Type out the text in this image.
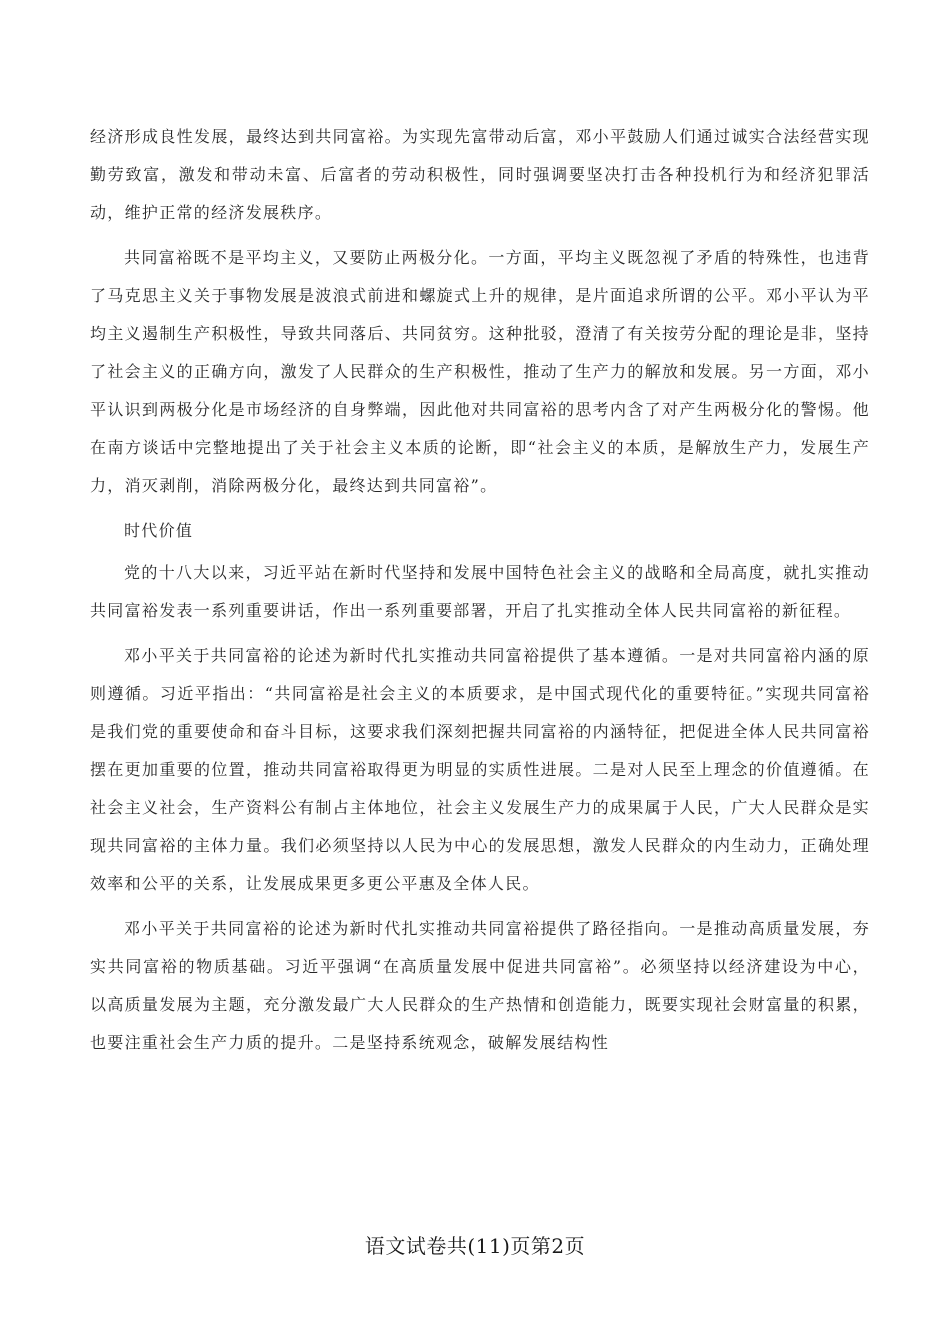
经济形成良性发展，最终达到共同富裕。为实现先富带动后富，邓小平鼓励人们通过诚实合法经营实现勤劳致富，激发和带动未富、后富者的劳动积极性，同时强调要坚决打击各种投机行为和经济犯罪活动，维护正常的经济发展秩序。

共同富裕既不是平均主义，又要防止两极分化。一方面，平均主义既忽视了矛盾的特殊性，也违背了马克思主义关于事物发展是波浪式前进和螺旋式上升的规律，是片面追求所谓的公平。邓小平认为平均主义遏制生产积极性，导致共同落后、共同贫穷。这种批驳，澄清了有关按劳分配的理论是非，坚持了社会主义的正确方向，激发了人民群众的生产积极性，推动了生产力的解放和发展。另一方面，邓小平认识到两极分化是市场经济的自身弊端，因此他对共同富裕的思考内含了对产生两极分化的警惕。他在南方谈话中完整地提出了关于社会主义本质的论断，即“社会主义的本质，是解放生产力，发展生产力，消灭剥削，消除两极分化，最终达到共同富裕”。

时代价值

党的十八大以来，习近平站在新时代坚持和发展中国特色社会主义的战略和全局高度，就扎实推动共同富裕发表一系列重要讲话，作出一系列重要部署，开启了扎实推动全体人民共同富裕的新征程。

邓小平关于共同富裕的论述为新时代扎实推动共同富裕提供了基本遵循。一是对共同富裕内涵的原则遵循。习近平指出：“共同富裕是社会主义的本质要求，是中国式现代化的重要特征。”实现共同富裕是我们党的重要使命和奋斗目标，这要求我们深刻把握共同富裕的内涵特征，把促进全体人民共同富裕摆在更加重要的位置，推动共同富裕取得更为明显的实质性进展。二是对人民至上理念的价值遵循。在社会主义社会，生产资料公有制占主体地位，社会主义发展生产力的成果属于人民，广大人民群众是实现共同富裕的主体力量。我们必须坚持以人民为中心的发展思想，激发人民群众的内生动力，正确处理效率和公平的关系，让发展成果更多更公平惠及全体人民。

邓小平关于共同富裕的论述为新时代扎实推动共同富裕提供了路径指向。一是推动高质量发展，夯实共同富裕的物质基础。习近平强调“在高质量发展中促进共同富裕”。必须坚持以经济建设为中心，以高质量发展为主题，充分激发最广大人民群众的生产热情和创造能力，既要实现社会财富量的积累，也要注重社会生产力质的提升。二是坚持系统观念，破解发展结构性

语文试卷共(11)页第2页
